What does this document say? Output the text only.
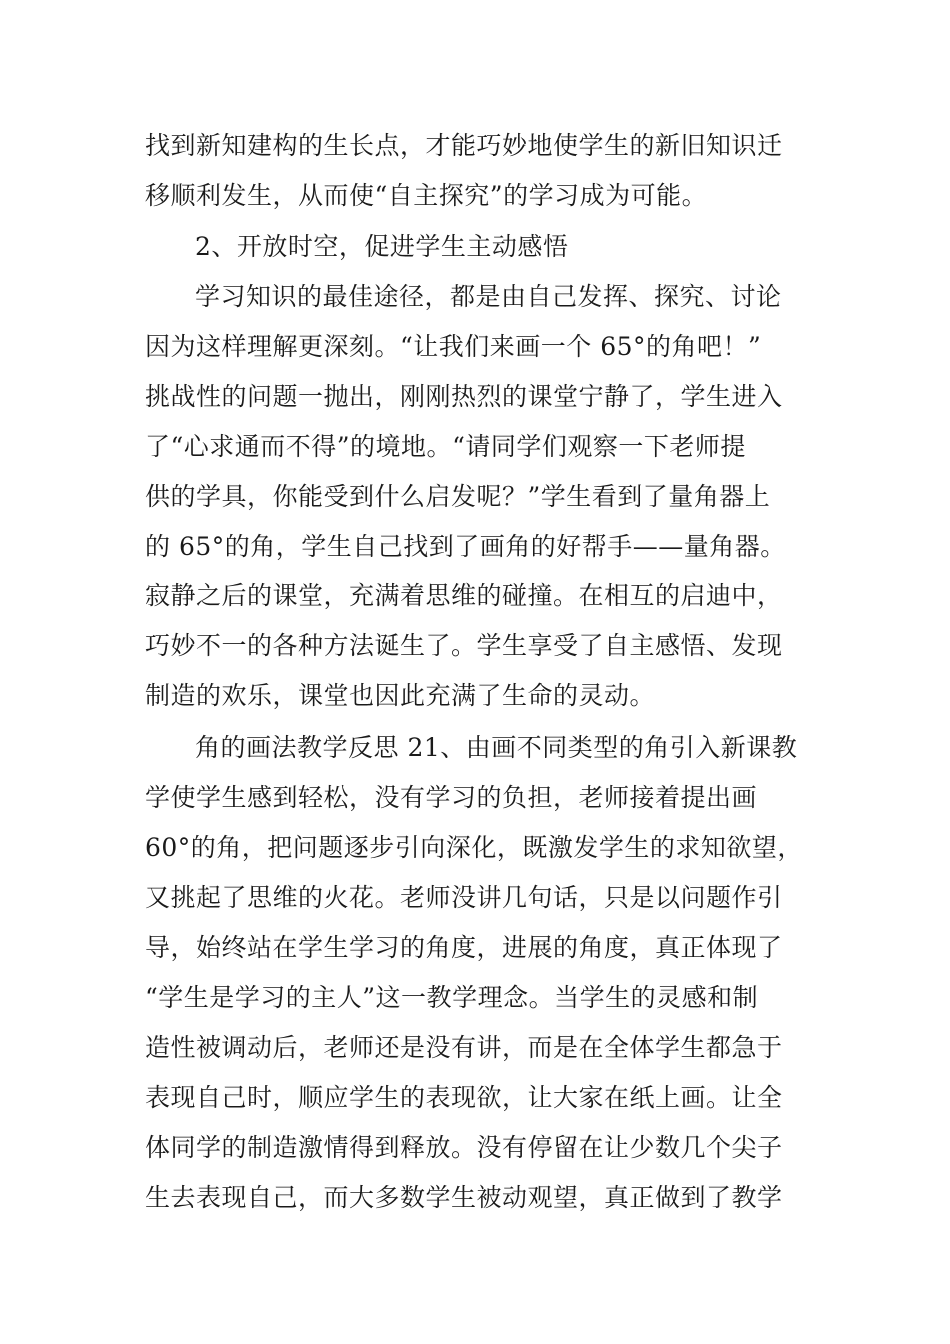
找到新知建构的生长点，才能巧妙地使学生的新旧知识迁
移顺利发生，从而使“自主探究”的学习成为可能。
2、开放时空，促进学生主动感悟
学习知识的最佳途径，都是由自己发挥、探究、讨论
因为这样理解更深刻。“让我们来画一个 65°的角吧！”
挑战性的问题一抛出，刚刚热烈的课堂宁静了，学生进入
了“心求通而不得”的境地。“请同学们观察一下老师提
供的学具，你能受到什么启发呢？”学生看到了量角器上
的 65°的角，学生自己找到了画角的好帮手——量角器。
寂静之后的课堂，充满着思维的碰撞。在相互的启迪中，
巧妙不一的各种方法诞生了。学生享受了自主感悟、发现
制造的欢乐，课堂也因此充满了生命的灵动。
角的画法教学反思 21、由画不同类型的角引入新课教
学使学生感到轻松，没有学习的负担，老师接着提出画
60°的角，把问题逐步引向深化，既激发学生的求知欲望，
又挑起了思维的火花。老师没讲几句话，只是以问题作引
导，始终站在学生学习的角度，进展的角度，真正体现了
“学生是学习的主人”这一教学理念。当学生的灵感和制
造性被调动后，老师还是没有讲，而是在全体学生都急于
表现自己时，顺应学生的表现欲，让大家在纸上画。让全
体同学的制造激情得到释放。没有停留在让少数几个尖子
生去表现自己，而大多数学生被动观望，真正做到了教学
